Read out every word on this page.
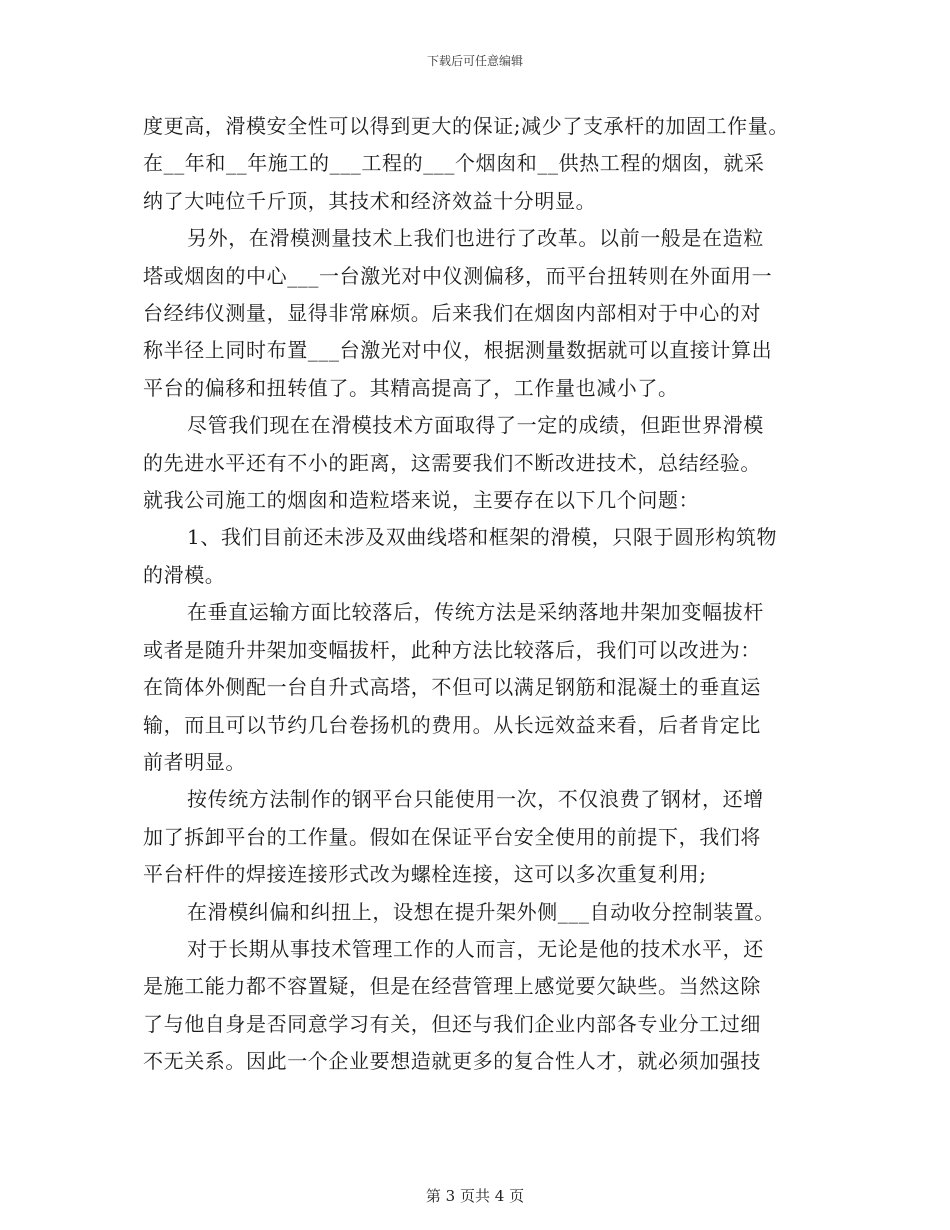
下载后可任意编辑
度更高，滑模安全性可以得到更大的保证;减少了支承杆的加固工作量。
在__年和__年施工的___工程的___个烟囱和__供热工程的烟囱，就采
纳了大吨位千斤顶，其技术和经济效益十分明显。
另外，在滑模测量技术上我们也进行了改革。以前一般是在造粒
塔或烟囱的中心___一台激光对中仪测偏移，而平台扭转则在外面用一
台经纬仪测量，显得非常麻烦。后来我们在烟囱内部相对于中心的对
称半径上同时布置___台激光对中仪，根据测量数据就可以直接计算出
平台的偏移和扭转值了。其精高提高了，工作量也减小了。
尽管我们现在在滑模技术方面取得了一定的成绩，但距世界滑模
的先进水平还有不小的距离，这需要我们不断改进技术，总结经验。
就我公司施工的烟囱和造粒塔来说，主要存在以下几个问题：
1、我们目前还未涉及双曲线塔和框架的滑模，只限于圆形构筑物
的滑模。
在垂直运输方面比较落后，传统方法是采纳落地井架加变幅拔杆
或者是随升井架加变幅拔杆，此种方法比较落后，我们可以改进为：
在筒体外侧配一台自升式高塔，不但可以满足钢筋和混凝土的垂直运
输，而且可以节约几台卷扬机的费用。从长远效益来看，后者肯定比
前者明显。
按传统方法制作的钢平台只能使用一次，不仅浪费了钢材，还增
加了拆卸平台的工作量。假如在保证平台安全使用的前提下，我们将
平台杆件的焊接连接形式改为螺栓连接，这可以多次重复利用;
在滑模纠偏和纠扭上，设想在提升架外侧___自动收分控制装置。
对于长期从事技术管理工作的人而言，无论是他的技术水平，还
是施工能力都不容置疑，但是在经营管理上感觉要欠缺些。当然这除
了与他自身是否同意学习有关，但还与我们企业内部各专业分工过细
不无关系。因此一个企业要想造就更多的复合性人才，就必须加强技
第 3 页共 4 页
